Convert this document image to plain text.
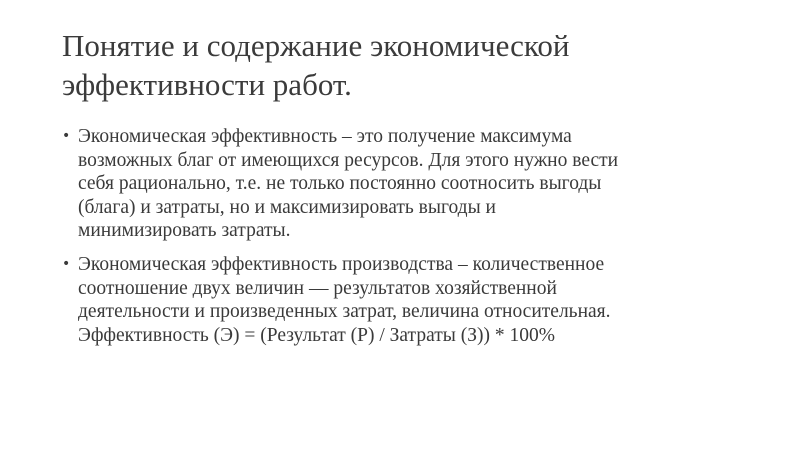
Понятие и содержание экономической
эффективности работ.
• Экономическая эффективность – это получение максимума
возможных благ от имеющихся ресурсов. Для этого нужно вести
себя рационально, т.е. не только постоянно соотносить выгоды
(блага) и затраты, но и максимизировать выгоды и
минимизировать затраты.
• Экономическая эффективность производства – количественное
соотношение двух величин — результатов хозяйственной
деятельности и произведенных затрат, величина относительная.
Эффективность (Э) = (Результат (Р) / Затраты (З)) * 100%
